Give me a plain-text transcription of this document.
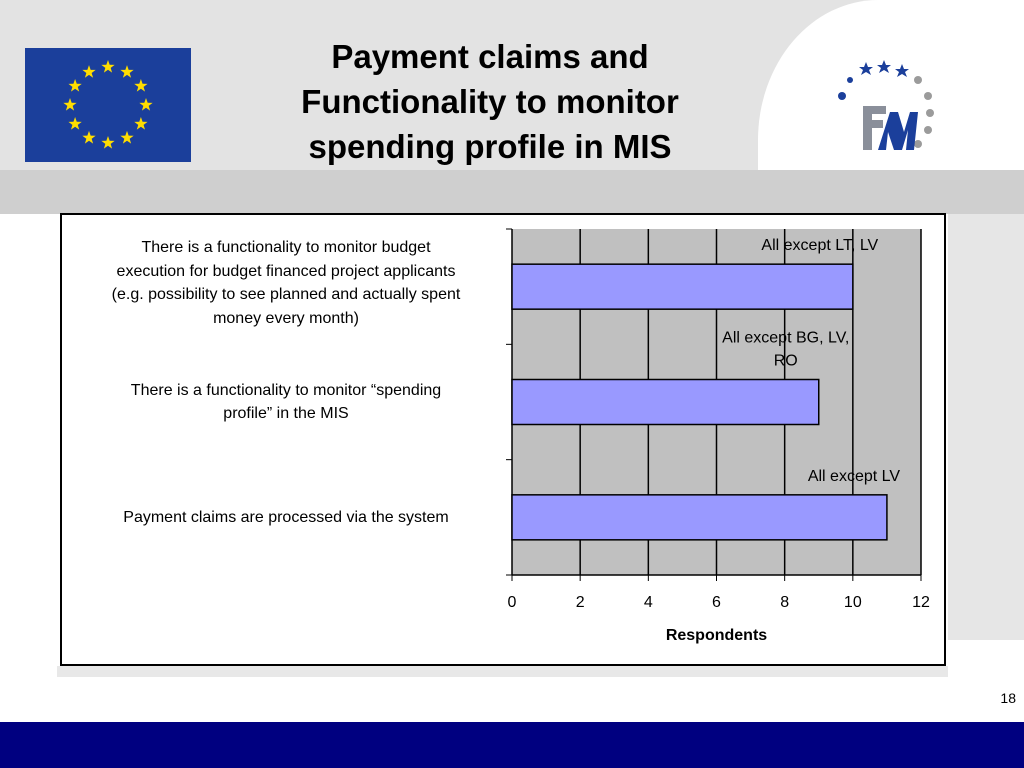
Payment claims and
Functionality to monitor
spending profile in MIS
There is a functionality to monitor budget
execution for budget financed project applicants
(e.g. possibility to see planned and actually spent
money every month)
There is a functionality to monitor “spending
profile” in the MIS
Payment claims are processed via the system
0	2	4	6	8	10	12
All except LT, LV
All except BG, LV, RO
All except LV
Respondents
18
